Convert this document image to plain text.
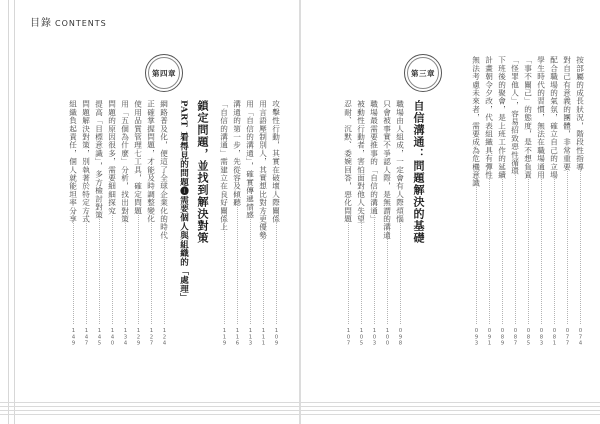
目錄 CONTENTS
第三章	按部屬的成長狀況，階段性指導
074
對自己有意義的團體，非常重要
077
配合職場的氣氛，確立自己的立場
081
學生時代的習慣，無法在職場通用
083
「事不關己」的態度，是不想負責
085
「怪罪他人」，容易招致惡性循環
087
下班後的聚會，是上班工作的延續
089
計畫朝令夕改，代表組織具有彈性
091
無法考慮未來者，需要成為危機意識
093
自信溝通：問題解決的基礎
職場由人組成，一定會有人際煩惱
098
只會被事實不爭認人際，是無謂的溝通
100
職場最需要推事的「自信的溝通」
103
被動性行動者，害怕面對他人失望
105
忍耐、沉默、委婉回答，惡化問題
107
第四章
攻擊性行動，其實在破壞人際關係
109
用言語壓制別人，其實想比對方更優勢
111
用「自信的溝通」，確實傳遞情感
113
溝通的第一步，先從容及傾聽
116
「自信的溝通」需建立在良好關係上
119
鎖定問題，並找到解決對策
PART 1-1
看得見的問題❶需要個人與組織的「處理」
網路普及化，便這了全球企業化的時代
124
正確掌握問題，才能及時調整變化
127
使用品質管理七工具，確定問題
129
用「五個為什麼」分析，找出對策
134
問題的原因很多，需要細細探究
140
提高「目標意識」，多方檢討對策
145
問題解決對策，別執著於特定方式
147
組織負起責任，個人就能坦率分享
149
